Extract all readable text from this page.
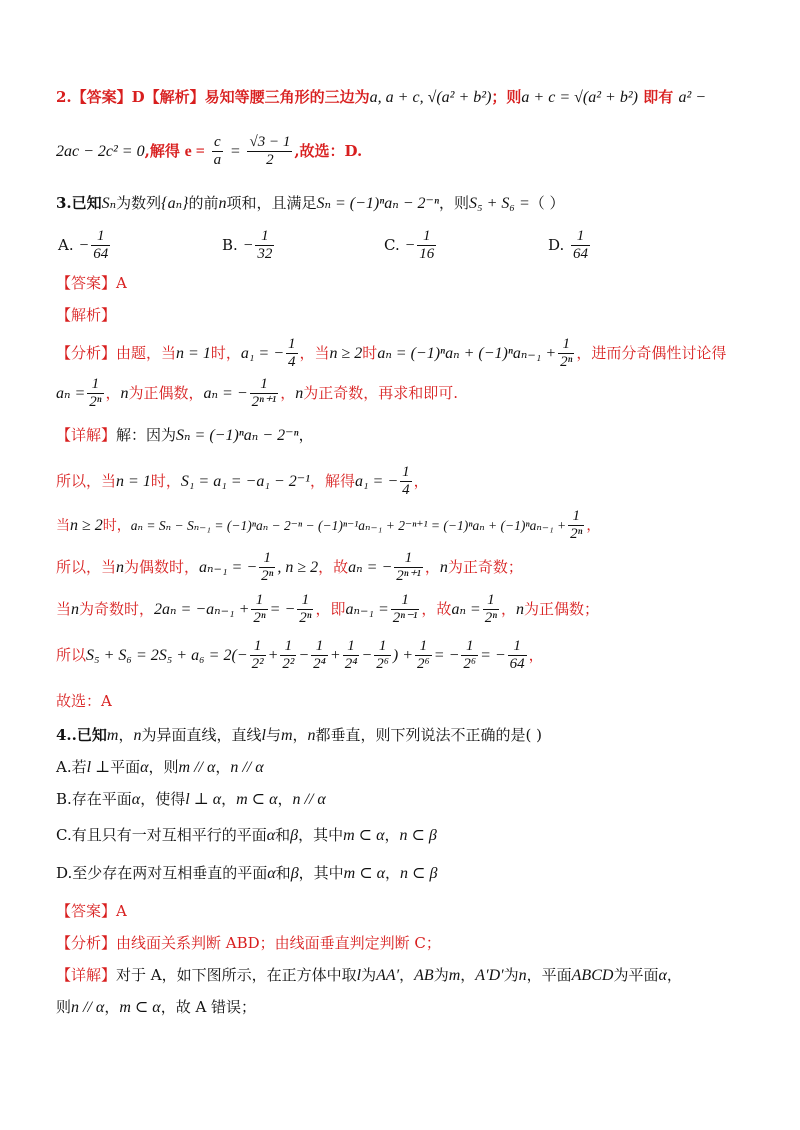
2.【答案】D【解析】易知等腰三角形的三边为a, a + c, √(a² + b²)；则a + c = √(a² + b²) 即有 a² −
2ac − 2c² = 0,解得 $e = \frac{c}{a} = \frac{√3 - 1}{2}$ ,故选：D.
3.已知Sₙ为数列{aₙ}的前n项和，且满足Sₙ = (−1)ⁿaₙ − 2⁻ⁿ，则S₅ + S₆ =（ ）
A. − $\frac{1}{64}$	B. − $\frac{1}{32}$	C. − $\frac{1}{16}$	D. $\frac{1}{64}$
【答案】A
【解析】
【分析】由题，当n = 1时，a₁ = − $\frac{1}{4}$ ，当n ≥ 2时$a_n = (-1)^na_n + (-1)^na_{n-1} + \frac{1}{\text{2ⁿ}}$ ，进而分奇偶性讨论得
$a_n = \frac{1}{\text{2ⁿ}}$ ，n为正偶数，aₙ = − $\frac{1}{\text{2ⁿ⁺¹}}$ ，n为正奇数，再求和即可.
【详解】解：因为Sₙ = (−1)ⁿaₙ − 2⁻ⁿ，
所以，当n = 1时，S₁ = a₁ = −a₁ − 2⁻¹，解得a₁ = − $\frac{1}{4}$ ，
当n ≥ 2时，$a_n = S_n - S_{n-1} = (-1)^na_n - 2^{-n} - (-1)^{n-1}a_{n-1} + 2^{-n+1} = (-1)^na_n + (-1)^na_{n-1} + \frac{1}{\text{2ⁿ}}$ ，
所以，当n为偶数时，aₙ₋₁ = − $\frac{1}{\text{2ⁿ}}$ , n ≥ 2，故aₙ = − $\frac{1}{\text{2ⁿ⁺¹}}$ ，n为正奇数；
当n为奇数时，$2a_n = -a_{n-1} + \frac{1}{\text{2ⁿ}}$ = − $\frac{1}{\text{2ⁿ}}$ ，即$a_{n-1} = \frac{1}{\text{2ⁿ⁻¹}}$ ，故$a_n = \frac{1}{\text{2ⁿ}}$ ，n为正偶数；
所以$S_5 + S_6 = 2S_5 + a_6 = 2(- \frac{1}{\text{2²}} + \frac{1}{\text{2²}} - \frac{1}{\text{2⁴}} + \frac{1}{\text{2⁴}} - \frac{1}{\text{2⁶}}$ ) + $\frac{1}{\text{2⁶}}$ = − $\frac{1}{\text{2⁶}}$ = − $\frac{1}{64}$ ，
故选：A
4..已知m，n为异面直线，直线l与m，n都垂直，则下列说法不正确的是( )
A.若l ⊥平面α，则m // α，n // α
B.存在平面α，使得l ⊥ α，m ⊂ α，n // α
C.有且只有一对互相平行的平面α和β，其中m ⊂ α，n ⊂ β
D.至少存在两对互相垂直的平面α和β，其中m ⊂ α，n ⊂ β
【答案】A
【分析】由线面关系判断 ABD；由线面垂直判定判断 C；
【详解】对于 A，如下图所示，在正方体中取l为AA′，AB为m，A′D′为n，平面ABCD为平面α，
则n // α，m ⊂ α，故 A 错误；
